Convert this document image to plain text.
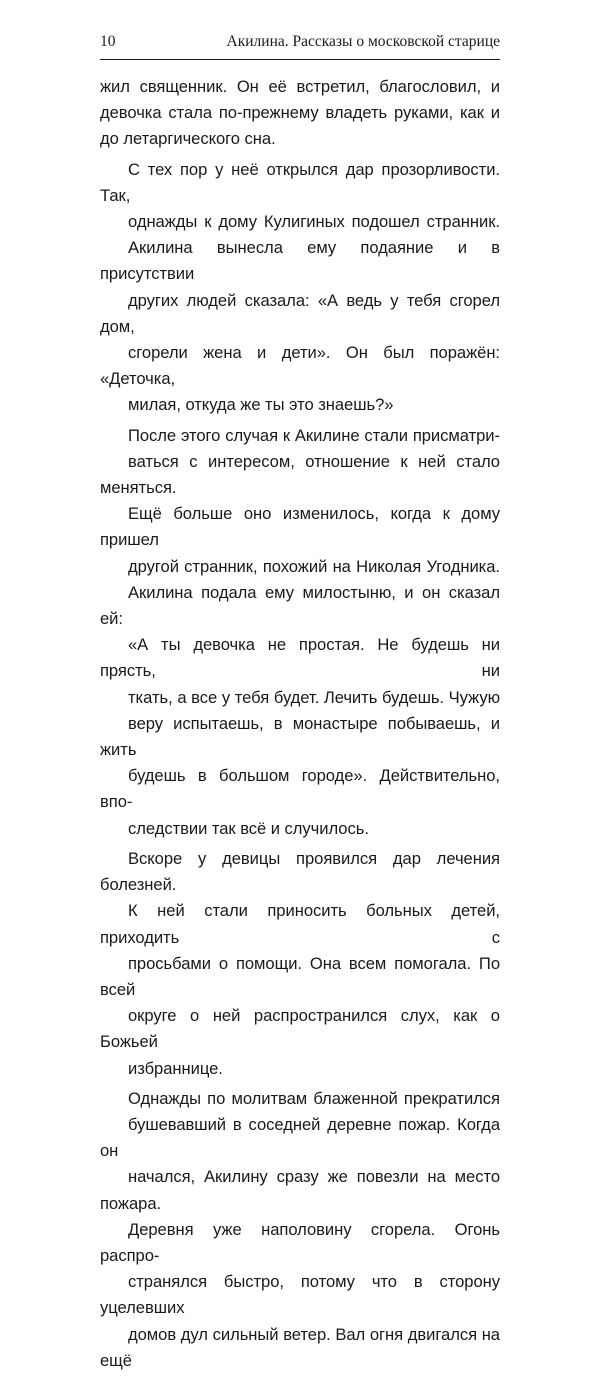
10	Акилина. Рассказы о московской старице

жил священник. Он её встретил, благословил, и
девочка стала по-прежнему владеть руками, как и
до летаргического сна.

С тех пор у неё открылся дар прозорливости. Так,
однажды к дому Кулигиных подошел странник.
Акилина вынесла ему подаяние и в присутствии
других людей сказала: «А ведь у тебя сгорел дом,
сгорели жена и дети». Он был поражён: «Деточка,
милая, откуда же ты это знаешь?»

После этого случая к Акилине стали присматри-
ваться с интересом, отношение к ней стало меняться.
Ещё больше оно изменилось, когда к дому пришел
другой странник, похожий на Николая Угодника.
Акилина подала ему милостыню, и он сказал ей:
«А ты девочка не простая. Не будешь ни прясть, ни
ткать, а все у тебя будет. Лечить будешь. Чужую
веру испытаешь, в монастыре побываешь, и жить
будешь в большом городе». Действительно, впо-
следствии так всё и случилось.

Вскоре у девицы проявился дар лечения болезней.
К ней стали приносить больных детей, приходить с
просьбами о помощи. Она всем помогала. По всей
округе о ней распространился слух, как о Божьей
избраннице.

Однажды по молитвам блаженной прекратился
бушевавший в соседней деревне пожар. Когда он
начался, Акилину сразу же повезли на место пожара.
Деревня уже наполовину сгорела. Огонь распро-
странялся быстро, потому что в сторону уцелевших
домов дул сильный ветер. Вал огня двигался на ещё
